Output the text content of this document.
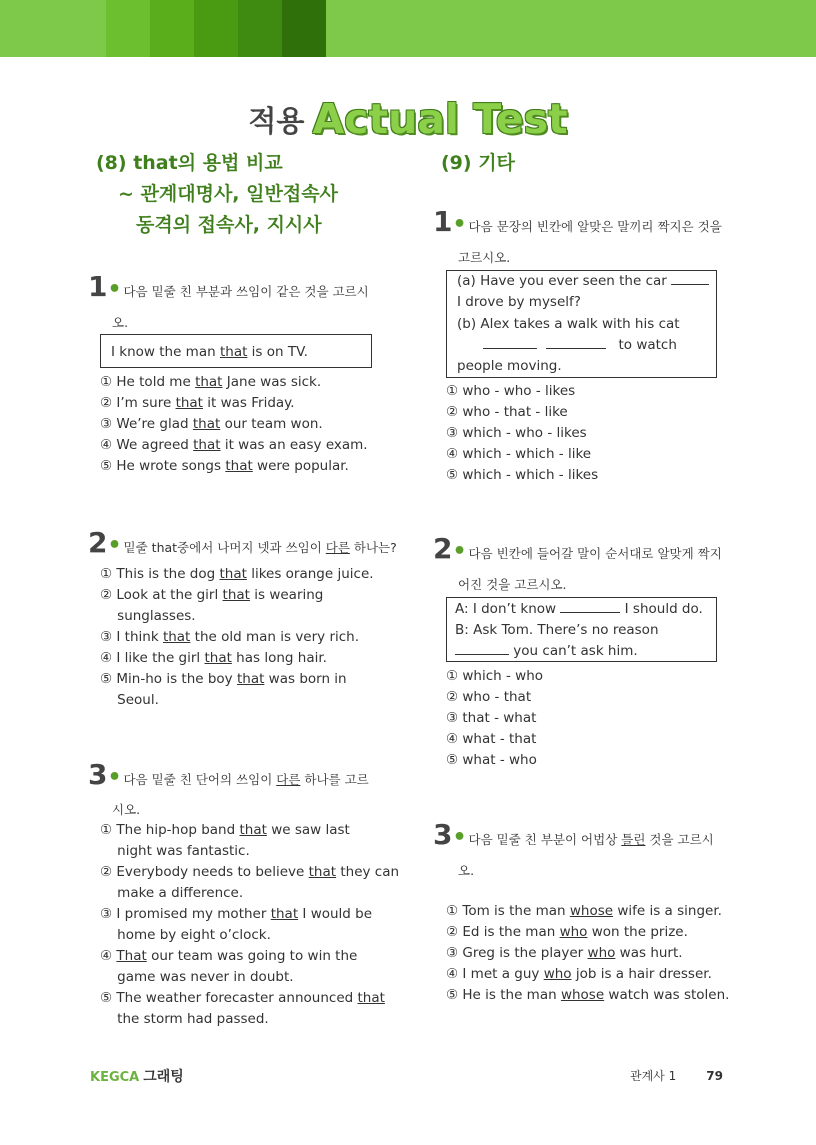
적용 Actual Test
(8) that의 용법 비교
~ 관계대명사, 일반접속사
동격의 접속사, 지시사
1• 다음 밑줄 친 부분과 쓰임이 같은 것을 고르시
오.
I know the man that is on TV.
① He told me that Jane was sick.
② I’m sure that it was Friday.
③ We’re glad that our team won.
④ We agreed that it was an easy exam.
⑤ He wrote songs that were popular.
2• 밑줄 that중에서 나머지 넷과 쓰임이 다른 하나는?
① This is the dog that likes orange juice.
② Look at the girl that is wearing
sunglasses.
③ I think that the old man is very rich.
④ I like the girl that has long hair.
⑤ Min-ho is the boy that was born in
Seoul.
3• 다음 밑줄 친 단어의 쓰임이 다른 하나를 고르
시오.
① The hip-hop band that we saw last
night was fantastic.
② Everybody needs to believe that they can
make a difference.
③ I promised my mother that I would be
home by eight o’clock.
④ That our team was going to win the
game was never in doubt.
⑤ The weather forecaster announced that
the storm had passed.
(9) 기타
1• 다음 문장의 빈칸에 알맞은 말끼리 짝지은 것을
고르시오.
(a) Have you ever seen the car
I drove by myself?
(b) Alex takes a walk with his cat
to watch
people moving.
① who - who - likes
② who - that - like
③ which - who - likes
④ which - which - like
⑤ which - which - likes
2• 다음 빈칸에 들어갈 말이 순서대로 알맞게 짝지
어진 것을 고르시오.
A: I don’t know	I should do.
B: Ask Tom. There’s no reason
you can’t ask him.
① which - who
② who - that
③ that - what
④ what - that
⑤ what - who
3• 다음 밑줄 친 부분이 어법상 틀린 것을 고르시
오.
① Tom is the man whose wife is a singer.
② Ed is the man who won the prize.
③ Greg is the player who was hurt.
④ I met a guy who job is a hair dresser.
⑤ He is the man whose watch was stolen.
KEGCA 그래팅	관계사 1	79
